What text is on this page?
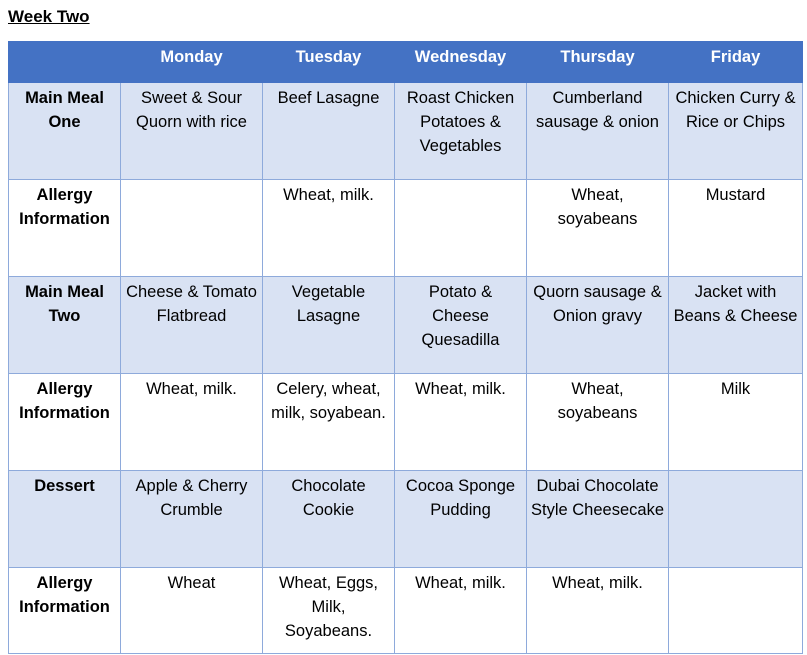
Week Two
	Monday	Tuesday	Wednesday	Thursday	Friday
Main Meal One	Sweet & Sour Quorn with rice	Beef Lasagne	Roast Chicken Potatoes & Vegetables	Cumberland sausage & onion	Chicken Curry & Rice or Chips
Allergy Information		Wheat, milk.		Wheat, soyabeans	Mustard
Main Meal Two	Cheese & Tomato Flatbread	Vegetable Lasagne	Potato & Cheese Quesadilla	Quorn sausage & Onion gravy	Jacket with Beans & Cheese
Allergy Information	Wheat, milk.	Celery, wheat, milk, soyabean.	Wheat, milk.	Wheat, soyabeans	Milk
Dessert	Apple & Cherry Crumble	Chocolate Cookie	Cocoa Sponge Pudding	Dubai Chocolate Style Cheesecake	
Allergy Information	Wheat	Wheat, Eggs, Milk, Soyabeans.	Wheat, milk.	Wheat, milk.	
